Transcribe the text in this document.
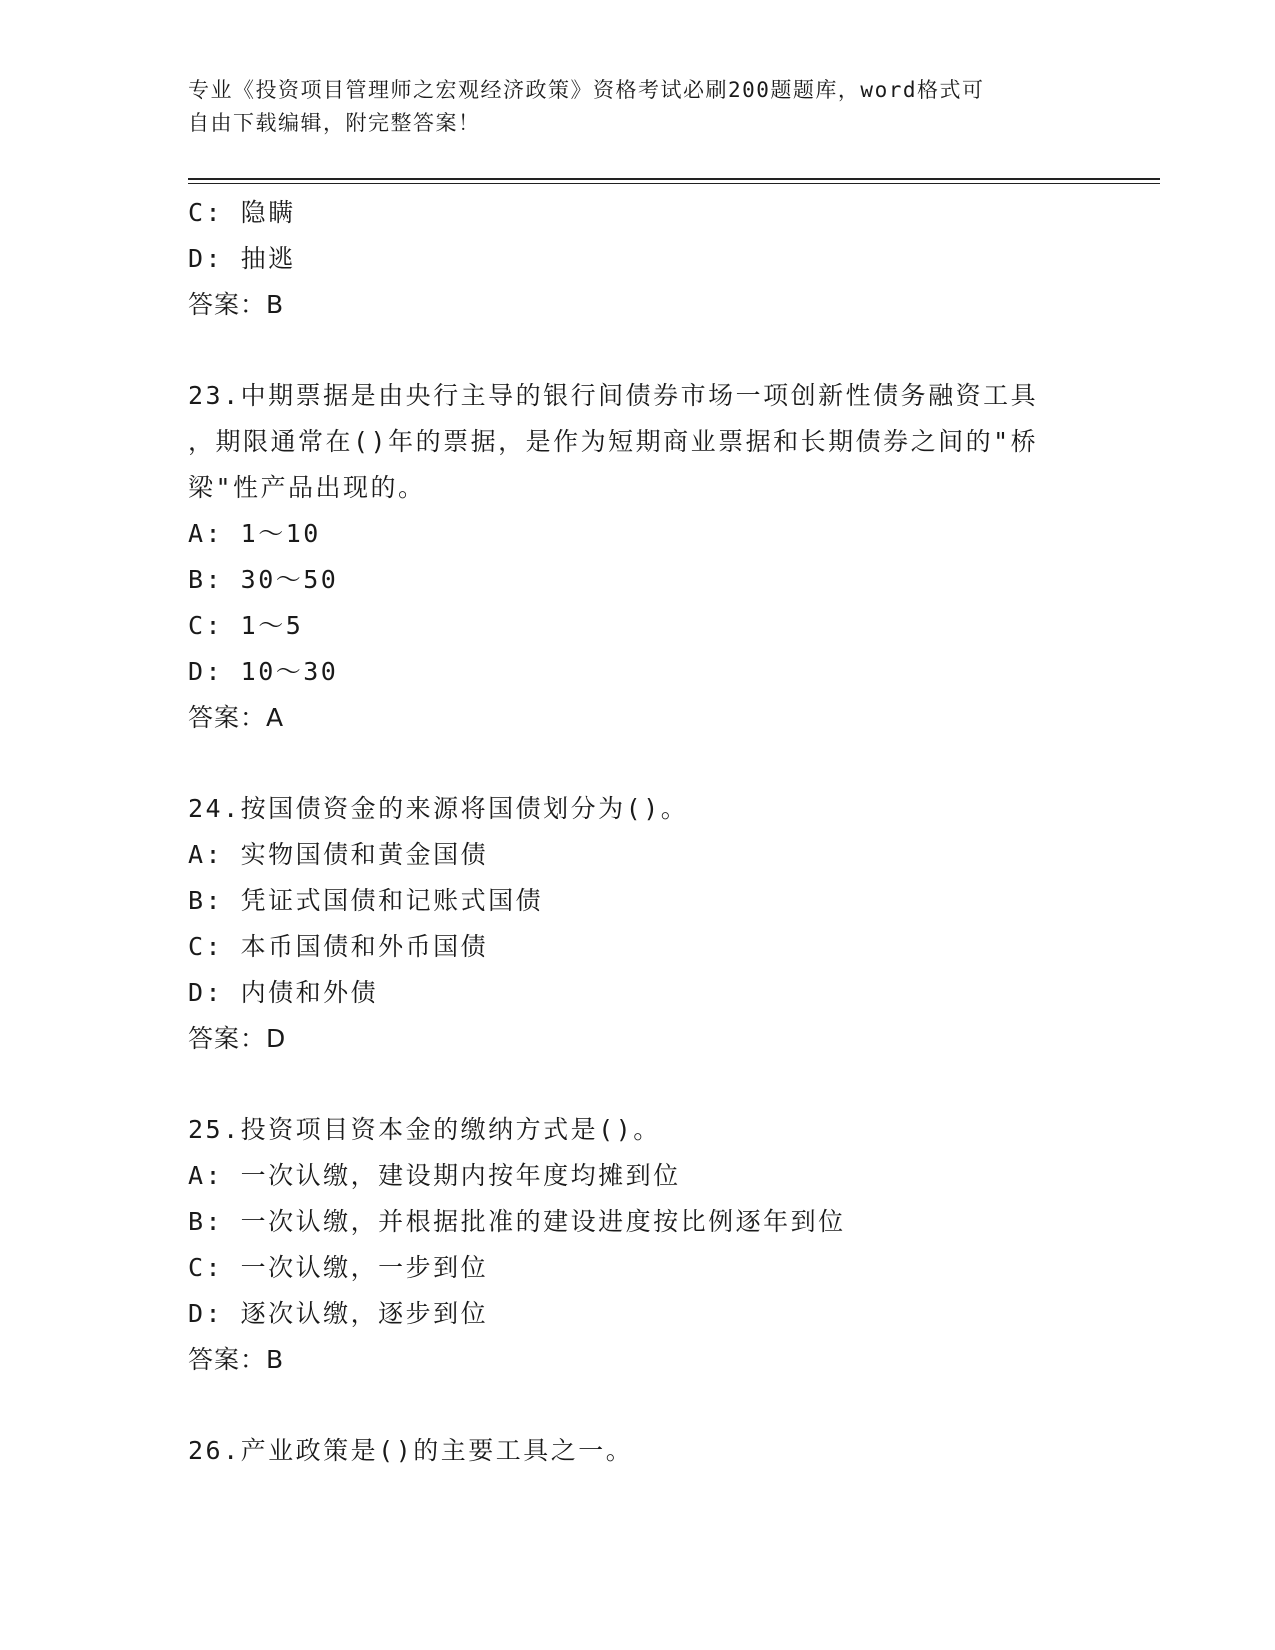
专业《投资项目管理师之宏观经济政策》资格考试必刷200题题库，word格式可
自由下载编辑，附完整答案！
C: 隐瞒
D: 抽逃
答案：B
23.中期票据是由央行主导的银行间债券市场一项创新性债务融资工具
，期限通常在()年的票据，是作为短期商业票据和长期债券之间的"桥
梁"性产品出现的。
A: 1～10
B: 30～50
C: 1～5
D: 10～30
答案：A
24.按国债资金的来源将国债划分为()。
A: 实物国债和黄金国债
B: 凭证式国债和记账式国债
C: 本币国债和外币国债
D: 内债和外债
答案：D
25.投资项目资本金的缴纳方式是()。
A: 一次认缴，建设期内按年度均摊到位
B: 一次认缴，并根据批准的建设进度按比例逐年到位
C: 一次认缴，一步到位
D: 逐次认缴，逐步到位
答案：B
26.产业政策是()的主要工具之一。
